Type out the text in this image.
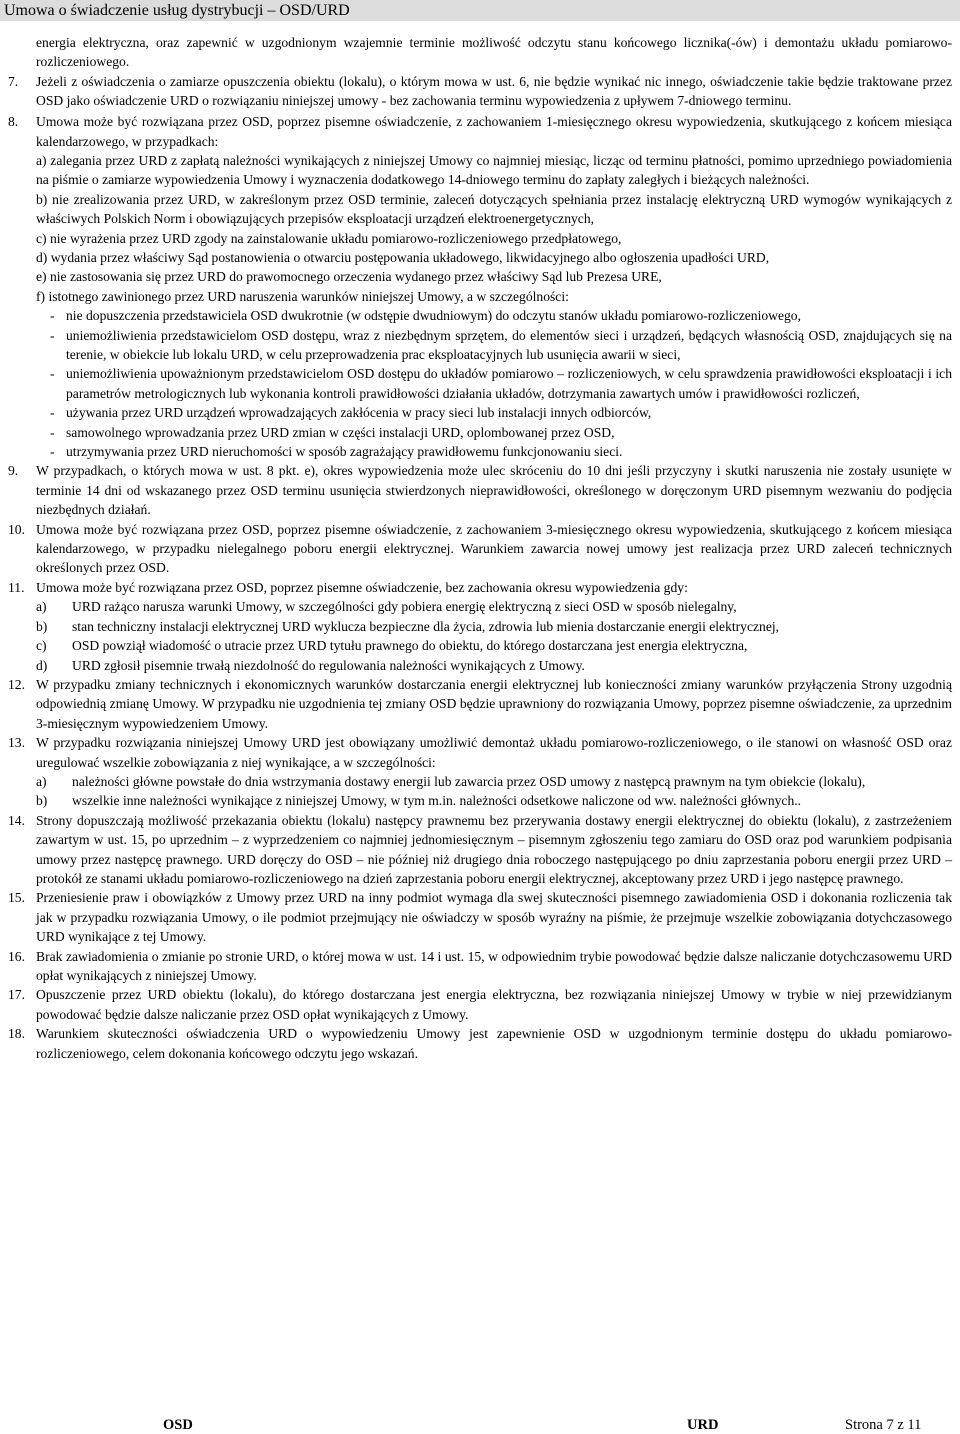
Umowa o świadczenie usług dystrybucji – OSD/URD

energia elektryczna, oraz zapewnić w uzgodnionym wzajemnie terminie możliwość odczytu stanu końcowego licznika(-ów) i demontażu układu pomiarowo-rozliczeniowego.

7. Jeżeli z oświadczenia o zamiarze opuszczenia obiektu (lokalu), o którym mowa w ust. 6, nie będzie wynikać nic innego, oświadczenie takie będzie traktowane przez OSD jako oświadczenie URD o rozwiązaniu niniejszej umowy - bez zachowania terminu wypowiedzenia z upływem 7-dniowego terminu.

8. Umowa może być rozwiązana przez OSD, poprzez pisemne oświadczenie, z zachowaniem 1-miesięcznego okresu wypowiedzenia, skutkującego z końcem miesiąca kalendarzowego, w przypadkach:

a) zalegania przez URD z zapłatą należności wynikających z niniejszej Umowy co najmniej miesiąc, licząc od terminu płatności, pomimo uprzedniego powiadomienia na piśmie o zamiarze wypowiedzenia Umowy i wyznaczenia dodatkowego 14-dniowego terminu do zapłaty zaległych i bieżących należności.

b) nie zrealizowania przez URD, w zakreślonym przez OSD terminie, zaleceń dotyczących spełniania przez instalację elektryczną URD wymogów wynikających z właściwych Polskich Norm i obowiązujących przepisów eksploatacji urządzeń elektroenergetycznych,

c) nie wyrażenia przez URD zgody na zainstalowanie układu pomiarowo-rozliczeniowego przedpłatowego,

d) wydania przez właściwy Sąd postanowienia o otwarciu postępowania układowego, likwidacyjnego albo ogłoszenia upadłości URD,

e) nie zastosowania się przez URD do prawomocnego orzeczenia wydanego przez właściwy Sąd lub Prezesa URE,

f) istotnego zawinionego przez URD naruszenia warunków niniejszej Umowy, a w szczególności:

- nie dopuszczenia przedstawiciela OSD dwukrotnie (w odstępie dwudniowym) do odczytu stanów układu pomiarowo-rozliczeniowego,

- uniemożliwienia przedstawicielom OSD dostępu, wraz z niezbędnym sprzętem, do elementów sieci i urządzeń, będących własnością OSD, znajdujących się na terenie, w obiekcie lub lokalu URD, w celu przeprowadzenia prac eksploatacyjnych lub usunięcia awarii w sieci,

- uniemożliwienia upoważnionym przedstawicielom OSD dostępu do układów pomiarowo – rozliczeniowych, w celu sprawdzenia prawidłowości eksploatacji i ich parametrów metrologicznych lub wykonania kontroli prawidłowości działania układów, dotrzymania zawartych umów i prawidłowości rozliczeń,

- używania przez URD urządzeń wprowadzających zakłócenia w pracy sieci lub instalacji innych odbiorców,

- samowolnego wprowadzania przez URD zmian w części instalacji URD, oplombowanej przez OSD,

- utrzymywania przez URD nieruchomości w sposób zagrażający prawidłowemu funkcjonowaniu sieci.

9. W przypadkach, o których mowa w ust. 8 pkt. e), okres wypowiedzenia może ulec skróceniu do 10 dni jeśli przyczyny i skutki naruszenia nie zostały usunięte w terminie 14 dni od wskazanego przez OSD terminu usunięcia stwierdzonych nieprawidłowości, określonego w doręczonym URD pisemnym wezwaniu do podjęcia niezbędnych działań.

10. Umowa może być rozwiązana przez OSD, poprzez pisemne oświadczenie, z zachowaniem 3-miesięcznego okresu wypowiedzenia, skutkującego z końcem miesiąca kalendarzowego, w przypadku nielegalnego poboru energii elektrycznej. Warunkiem zawarcia nowej umowy jest realizacja przez URD zaleceń technicznych określonych przez OSD.

11. Umowa może być rozwiązana przez OSD, poprzez pisemne oświadczenie, bez zachowania okresu wypowiedzenia gdy:

a) URD rażąco narusza warunki Umowy, w szczególności gdy pobiera energię elektryczną z sieci OSD w sposób nielegalny,

b) stan techniczny instalacji elektrycznej URD wyklucza bezpieczne dla życia, zdrowia lub mienia dostarczanie energii elektrycznej,

c) OSD powziął wiadomość o utracie przez URD tytułu prawnego do obiektu, do którego dostarczana jest energia elektryczna,

d) URD zgłosił pisemnie trwałą niezdolność do regulowania należności wynikających z Umowy.

12. W przypadku zmiany technicznych i ekonomicznych warunków dostarczania energii elektrycznej lub konieczności zmiany warunków przyłączenia Strony uzgodnią odpowiednią zmianę Umowy. W przypadku nie uzgodnienia tej zmiany OSD będzie uprawniony do rozwiązania Umowy, poprzez pisemne oświadczenie, za uprzednim 3-miesięcznym wypowiedzeniem Umowy.

13. W przypadku rozwiązania niniejszej Umowy URD jest obowiązany umożliwić demontaż układu pomiarowo-rozliczeniowego, o ile stanowi on własność OSD oraz uregulować wszelkie zobowiązania z niej wynikające, a w szczególności:

a) należności główne powstałe do dnia wstrzymania dostawy energii lub zawarcia przez OSD umowy z następcą prawnym na tym obiekcie (lokalu),

b) wszelkie inne należności wynikające z niniejszej Umowy, w tym m.in. należności odsetkowe naliczone od ww. należności głównych..

14. Strony dopuszczają możliwość przekazania obiektu (lokalu) następcy prawnemu bez przerywania dostawy energii elektrycznej do obiektu (lokalu), z zastrzeżeniem zawartym w ust. 15, po uprzednim – z wyprzedzeniem co najmniej jednomiesięcznym – pisemnym zgłoszeniu tego zamiaru do OSD oraz pod warunkiem podpisania umowy przez następcę prawnego. URD doręczy do OSD – nie później niż drugiego dnia roboczego następującego po dniu zaprzestania poboru energii przez URD – protokół ze stanami układu pomiarowo-rozliczeniowego na dzień zaprzestania poboru energii elektrycznej, akceptowany przez URD i jego następcę prawnego.

15. Przeniesienie praw i obowiązków z Umowy przez URD na inny podmiot wymaga dla swej skuteczności pisemnego zawiadomienia OSD i dokonania rozliczenia tak jak w przypadku rozwiązania Umowy, o ile podmiot przejmujący nie oświadczy w sposób wyraźny na piśmie, że przejmuje wszelkie zobowiązania dotychczasowego URD wynikające z tej Umowy.

16. Brak zawiadomienia o zmianie po stronie URD, o której mowa w ust. 14 i ust. 15, w odpowiednim trybie powodować będzie dalsze naliczanie dotychczasowemu URD opłat wynikających z niniejszej Umowy.

17. Opuszczenie przez URD obiektu (lokalu), do którego dostarczana jest energia elektryczna, bez rozwiązania niniejszej Umowy w trybie w niej przewidzianym powodować będzie dalsze naliczanie przez OSD opłat wynikających z Umowy.

18. Warunkiem skuteczności oświadczenia URD o wypowiedzeniu Umowy jest zapewnienie OSD w uzgodnionym terminie dostępu do układu pomiarowo-rozliczeniowego, celem dokonania końcowego odczytu jego wskazań.

OSD	URD	Strona 7 z 11
